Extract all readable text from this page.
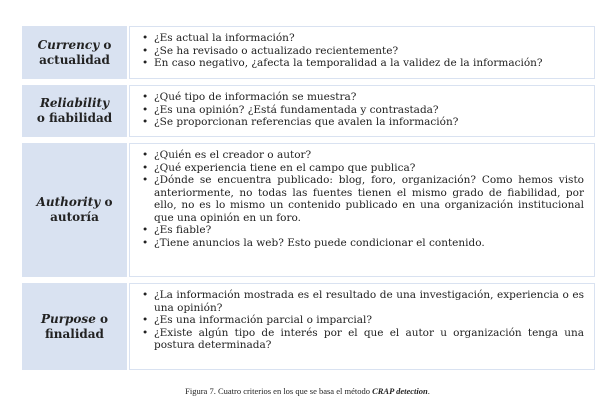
Currency o
actualidad
• ¿Es actual la información?
• ¿Se ha revisado o actualizado recientemente?
• En caso negativo, ¿afecta la temporalidad a la validez de la información?
Reliability
o fiabilidad
• ¿Qué tipo de información se muestra?
• ¿Es una opinión? ¿Está fundamentada y contrastada?
• ¿Se proporcionan referencias que avalen la información?
Authority o
autoría
• ¿Quién es el creador o autor?
• ¿Qué experiencia tiene en el campo que publica?
• ¿Dónde se encuentra publicado: blog, foro, organización? Como hemos visto anteriormente, no todas las fuentes tienen el mismo grado de fiabilidad, por ello, no es lo mismo un contenido publicado en una organización institucional que una opinión en un foro.
• ¿Es fiable?
• ¿Tiene anuncios la web? Esto puede condicionar el contenido.
Purpose o
finalidad
• ¿La información mostrada es el resultado de una investigación, experiencia o es una opinión?
• ¿Es una información parcial o imparcial?
• ¿Existe algún tipo de interés por el que el autor u organización tenga una postura determinada?
Figura 7. Cuatro criterios en los que se basa el método CRAP detection.
